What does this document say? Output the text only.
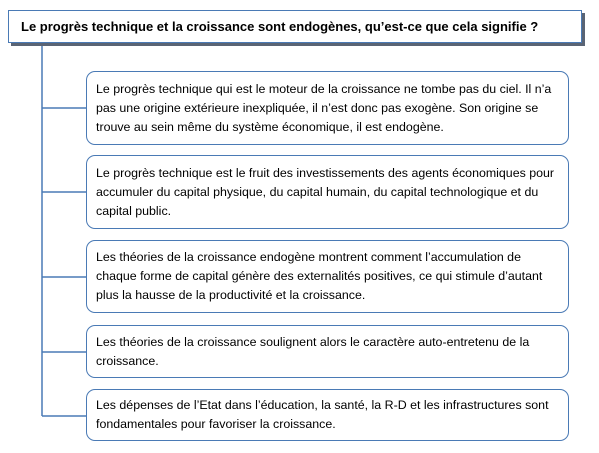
Le progrès technique et la croissance sont endogènes, qu’est-ce que cela signifie ?
Le progrès technique qui est le moteur de la croissance ne tombe pas du ciel. Il n’a pas une origine extérieure inexpliquée, il n’est donc pas exogène. Son origine se trouve au sein même du système économique, il est endogène.
Le progrès technique est le fruit des investissements des agents économiques pour accumuler du capital physique, du capital humain, du capital technologique et du capital public.
Les théories de la croissance endogène montrent comment l’accumulation de chaque forme de capital génère des externalités positives, ce qui stimule d’autant plus la hausse de la productivité et la croissance.
Les théories de la croissance soulignent alors le caractère auto-entretenu de la croissance.
Les dépenses de l’Etat dans l’éducation, la santé, la R-D et les infrastructures sont fondamentales pour favoriser la croissance.
